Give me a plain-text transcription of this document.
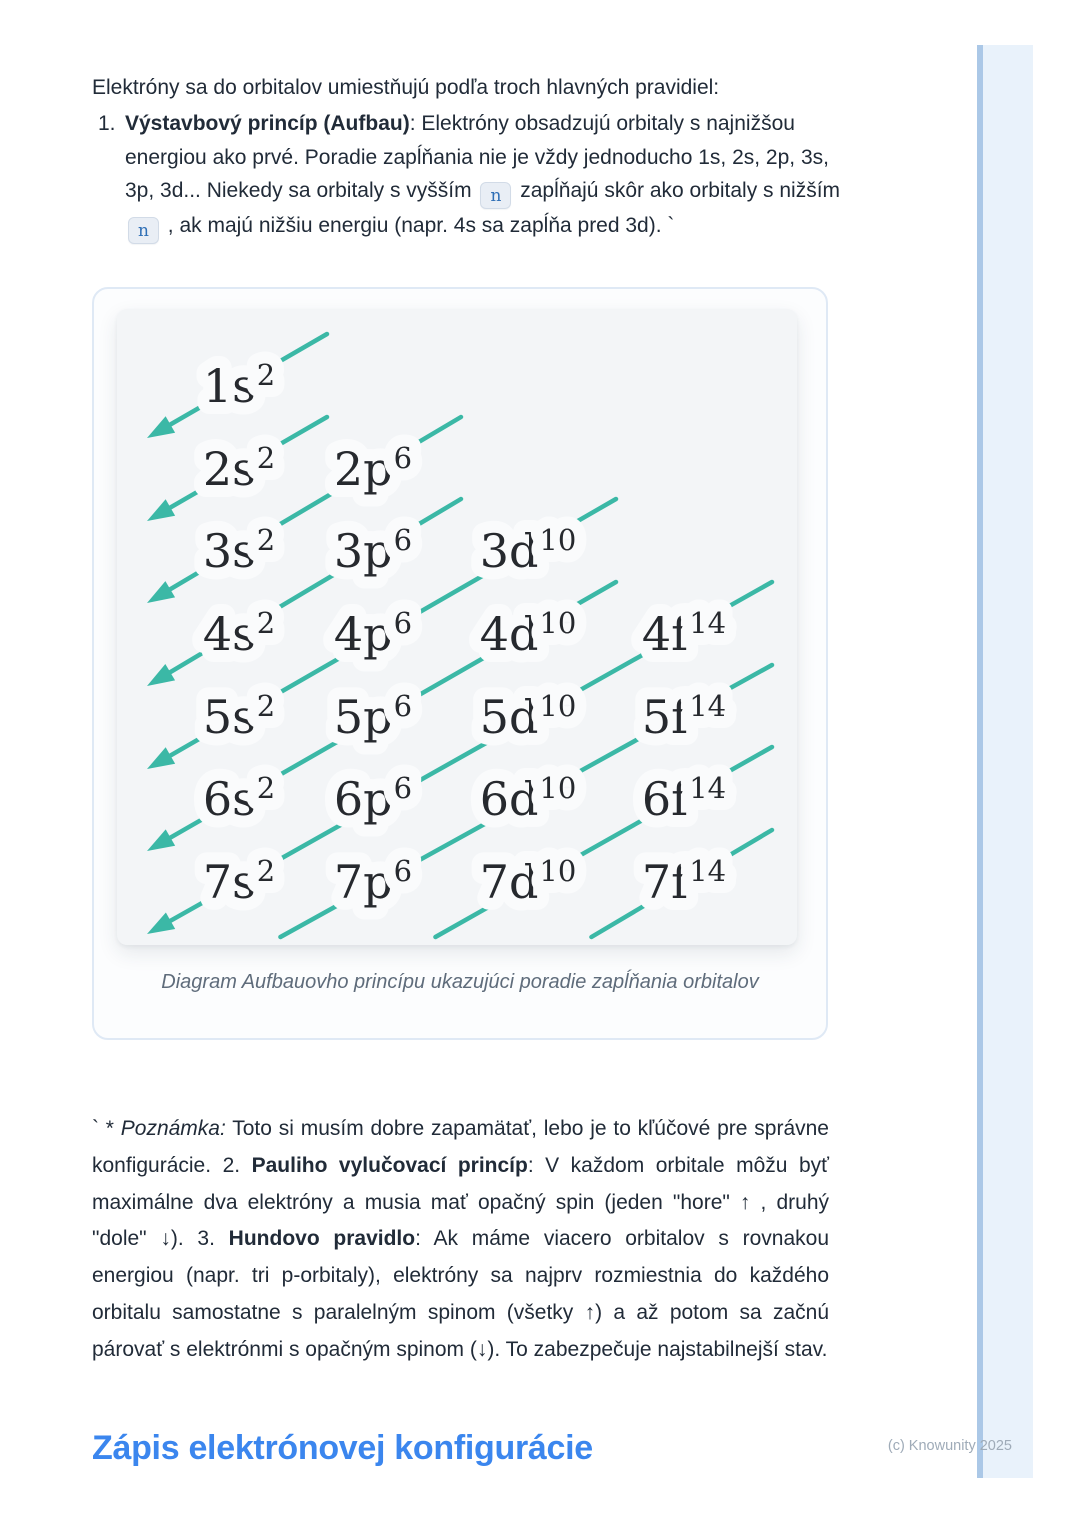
Elektróny sa do orbitalov umiestňujú podľa troch hlavných pravidiel:

1. Výstavbový princíp (Aufbau): Elektróny obsadzujú orbitaly s najnižšou energiou ako prvé. Poradie zapĺňania nie je vždy jednoducho 1s, 2s, 2p, 3s, 3p, 3d... Niekedy sa orbitaly s vyšším n zapĺňajú skôr ako orbitaly s nižším n , ak majú nižšiu energiu (napr. 4s sa zapĺňa pred 3d). `
$1s^2$
$2s^2$ $2p^6$
$3s^2$ $3p^6$ $3d^{10}$
$4s^2$ $4p^6$ $4d^{10}$ $4f^{14}$
$5s^2$ $5p^6$ $5d^{10}$ $5f^{14}$
$6s^2$ $6p^6$ $6d^{10}$ $6f^{14}$
$7s^2$ $7p^6$ $7d^{10}$ $7f^{14}$
Diagram Aufbauovho princípu ukazujúci poradie zapĺňania orbitalov

` * Poznámka: Toto si musím dobre zapamätať, lebo je to kľúčové pre správne konfigurácie. 2. Pauliho vylučovací princíp: V každom orbitale môžu byť maximálne dva elektróny a musia mať opačný spin (jeden "hore" ↑ , druhý "dole" ↓). 3. Hundovo pravidlo: Ak máme viacero orbitalov s rovnakou energiou (napr. tri p-orbitaly), elektróny sa najprv rozmiestnia do každého orbitalu samostatne s paralelným spinom (všetky ↑) a až potom sa začnú párovať s elektrónmi s opačným spinom (↓). To zabezpečuje najstabilnejší stav.

Zápis elektrónovej konfigurácie	(c) Knowunity 2025
